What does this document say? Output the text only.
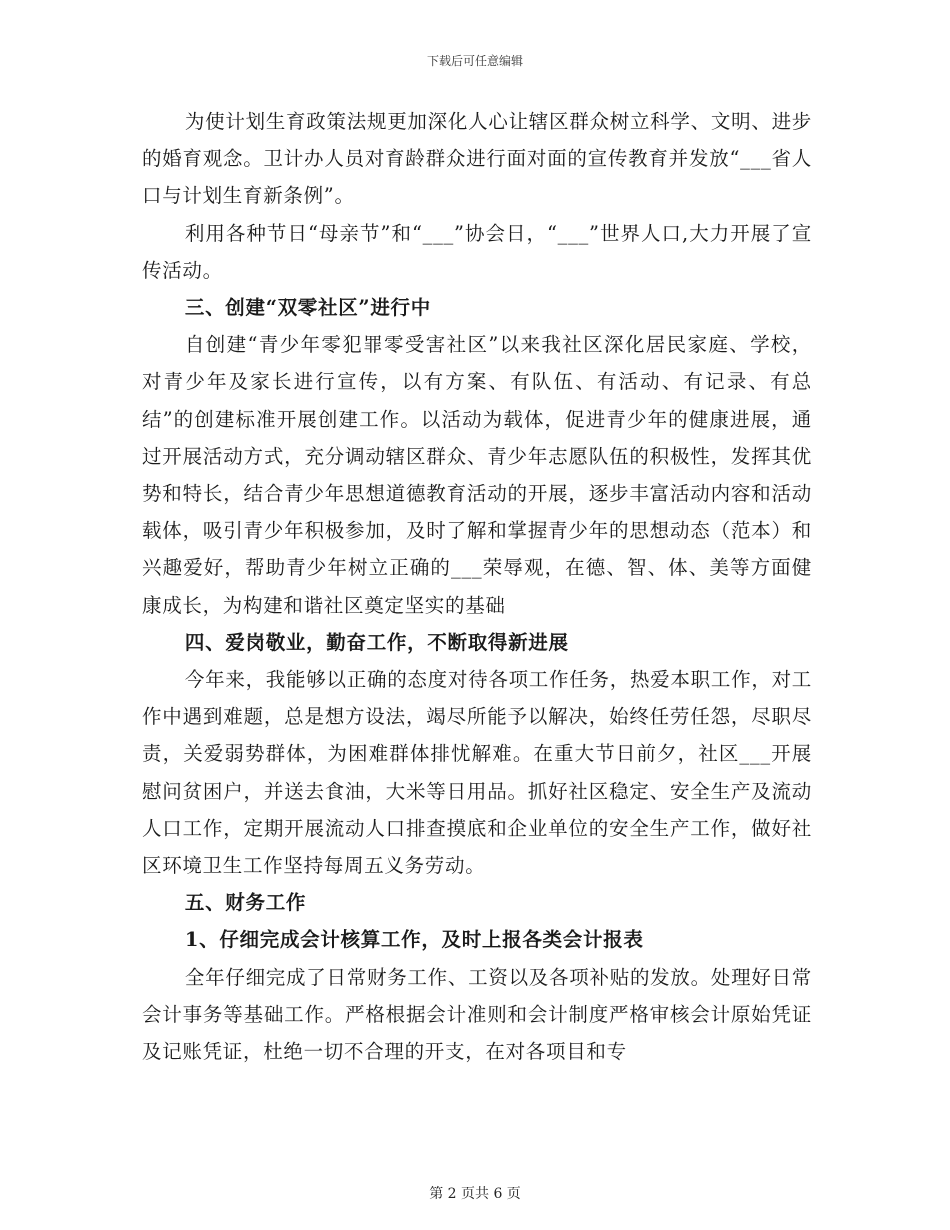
下载后可任意编辑

为使计划生育政策法规更加深化人心让辖区群众树立科学、文明、进步的婚育观念。卫计办人员对育龄群众进行面对面的宣传教育并发放“___省人口与计划生育新条例”。

利用各种节日“母亲节”和“___”协会日，“___”世界人口,大力开展了宣传活动。

三、创建“双零社区”进行中

自创建“青少年零犯罪零受害社区”以来我社区深化居民家庭、学校，对青少年及家长进行宣传，以有方案、有队伍、有活动、有记录、有总结”的创建标准开展创建工作。以活动为载体，促进青少年的健康进展，通过开展活动方式，充分调动辖区群众、青少年志愿队伍的积极性，发挥其优势和特长，结合青少年思想道德教育活动的开展，逐步丰富活动内容和活动载体，吸引青少年积极参加，及时了解和掌握青少年的思想动态（范本）和兴趣爱好，帮助青少年树立正确的___荣辱观，在德、智、体、美等方面健康成长，为构建和谐社区奠定坚实的基础

四、爱岗敬业，勤奋工作，不断取得新进展

今年来，我能够以正确的态度对待各项工作任务，热爱本职工作，对工作中遇到难题，总是想方设法，竭尽所能予以解决，始终任劳任怨，尽职尽责，关爱弱势群体，为困难群体排忧解难。在重大节日前夕，社区___开展慰问贫困户，并送去食油，大米等日用品。抓好社区稳定、安全生产及流动人口工作，定期开展流动人口排查摸底和企业单位的安全生产工作，做好社区环境卫生工作坚持每周五义务劳动。

五、财务工作

1、仔细完成会计核算工作，及时上报各类会计报表

全年仔细完成了日常财务工作、工资以及各项补贴的发放。处理好日常会计事务等基础工作。严格根据会计准则和会计制度严格审核会计原始凭证及记账凭证，杜绝一切不合理的开支，在对各项目和专

第 2 页共 6 页
